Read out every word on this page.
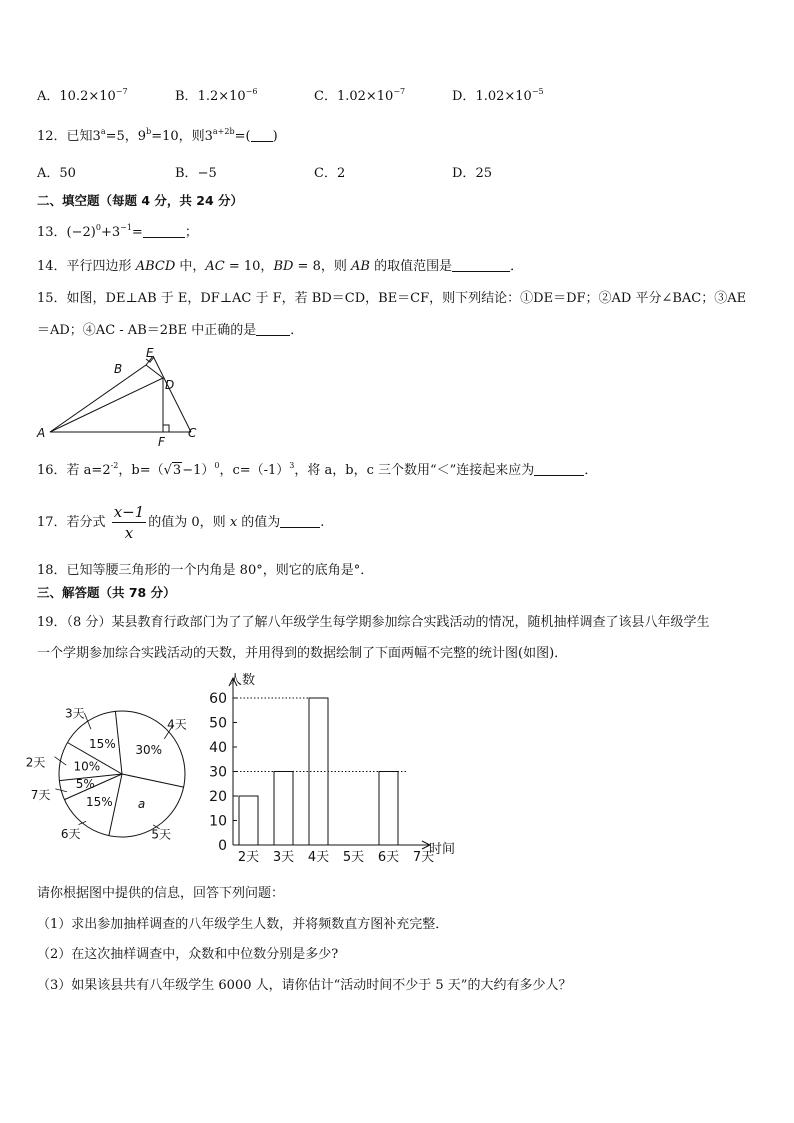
A．$10.2\times 10^{-7}$	B．$1.2\times 10^{-6}$	C．$1.02\times 10^{-7}$	D．$1.02\times 10^{-5}$
12．已知$3^a=5$，$9^b=10$，则$3^{a+2b}=$( )
A．50	B．−5	C．2	D．25
二、填空题（每题 4 分，共 24 分）
13．$(-2)^0+3^{-1}=$	；
14．平行四边形 ABCD 中，AC = 10，BD = 8，则 AB 的取值范围是	．
15．如图，DE⊥AB 于 E，DF⊥AC 于 F，若 BD＝CD，BE＝CF，则下列结论：①DE＝DF；②AD 平分∠BAC；③AE
＝AD；④AC - AB＝2BE 中正确的是	．
A
B
C
D
E
F
16．若 $a=2^{-2}$，$b=(√3-1)^0$，$c=(-1)^3$，将 a，b，c 三个数用“＜”连接起来应为	．
17．若分式 $\frac{x-1}{x}$ 的值为 0，则 x 的值为	.
18．已知等腰三角形的一个内角是 80°，则它的底角是°．
三、解答题（共 78 分）
19．（8 分）某县教育行政部门为了了解八年级学生每学期参加综合实践活动的情况，随机抽样调查了该县八年级学生
一个学期参加综合实践活动的天数，并用得到的数据绘制了下面两幅不完整的统计图(如图)．
30%
4天
a
5天
15%
6天
5%
7天
10%
2天
15%
3天
0
10
20
30
40
50
60
人数
时间
2天 3天 4天 5天 6天 7天
请你根据图中提供的信息，回答下列问题：
（1）求出参加抽样调查的八年级学生人数，并将频数直方图补充完整．
（2）在这次抽样调查中，众数和中位数分别是多少?
（3）如果该县共有八年级学生 6000 人，请你估计“活动时间不少于 5 天”的大约有多少人？
